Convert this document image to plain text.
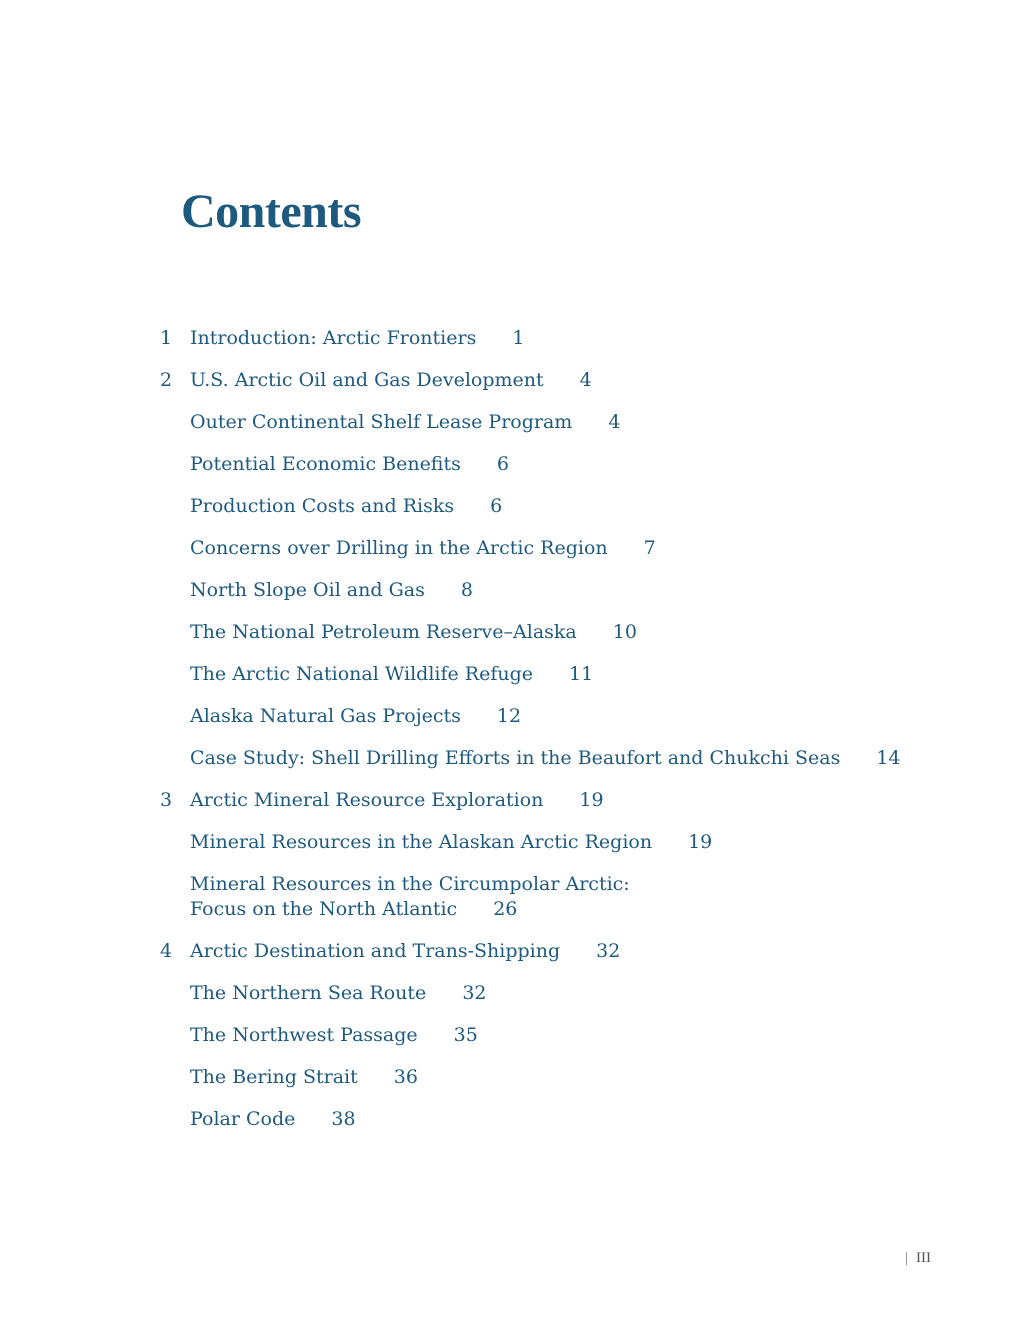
Contents
1 Introduction: Arctic Frontiers 1
2 U.S. Arctic Oil and Gas Development 4
Outer Continental Shelf Lease Program 4
Potential Economic Benefits 6
Production Costs and Risks 6
Concerns over Drilling in the Arctic Region 7
North Slope Oil and Gas 8
The National Petroleum Reserve–Alaska 10
The Arctic National Wildlife Refuge 11
Alaska Natural Gas Projects 12
Case Study: Shell Drilling Efforts in the Beaufort and Chukchi Seas 14
3 Arctic Mineral Resource Exploration 19
Mineral Resources in the Alaskan Arctic Region 19
Mineral Resources in the Circumpolar Arctic:
Focus on the North Atlantic 26
4 Arctic Destination and Trans-Shipping 32
The Northern Sea Route 32
The Northwest Passage 35
The Bering Strait 36
Polar Code 38
| III
